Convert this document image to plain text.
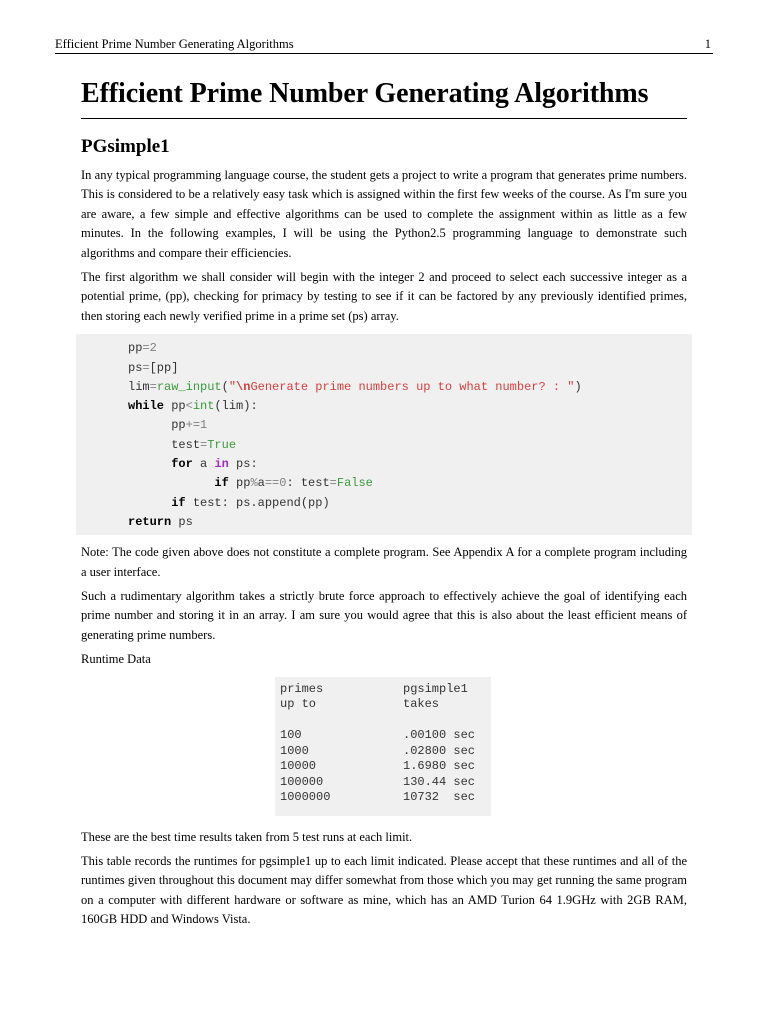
Efficient Prime Number Generating Algorithms	1
Efficient Prime Number Generating Algorithms
PGsimple1

In any typical programming language course, the student gets a project to write a program that generates prime numbers. This is considered to be a relatively easy task which is assigned within the first few weeks of the course. As I'm sure you are aware, a few simple and effective algorithms can be used to complete the assignment within as little as a few minutes. In the following examples, I will be using the Python2.5 programming language to demonstrate such algorithms and compare their efficiencies.

The first algorithm we shall consider will begin with the integer 2 and proceed to select each successive integer as a potential prime, (pp), checking for primacy by testing to see if it can be factored by any previously identified primes, then storing each newly verified prime in a prime set (ps) array.

pp=2
ps=[pp]
lim=raw_input("\nGenerate prime numbers up to what number? : ")
while pp<int(lim):
pp+=1
test=True
for a in ps:
if pp%a==0: test=False
if test: ps.append(pp)
return ps

Note: The code given above does not constitute a complete program. See Appendix A for a complete program including a user interface.

Such a rudimentary algorithm takes a strictly brute force approach to effectively achieve the goal of identifying each prime number and storing it in an array. I am sure you would agree that this is also about the least efficient means of generating prime numbers.

Runtime Data

primes	pgsimple1
up to	takes
100	.00100 sec
1000	.02800 sec
10000	1.6980 sec
100000	130.44 sec
1000000	10732  sec

These are the best time results taken from 5 test runs at each limit.

This table records the runtimes for pgsimple1 up to each limit indicated. Please accept that these runtimes and all of the runtimes given throughout this document may differ somewhat from those which you may get running the same program on a computer with different hardware or software as mine, which has an AMD Turion 64 1.9GHz with 2GB RAM, 160GB HDD and Windows Vista.
